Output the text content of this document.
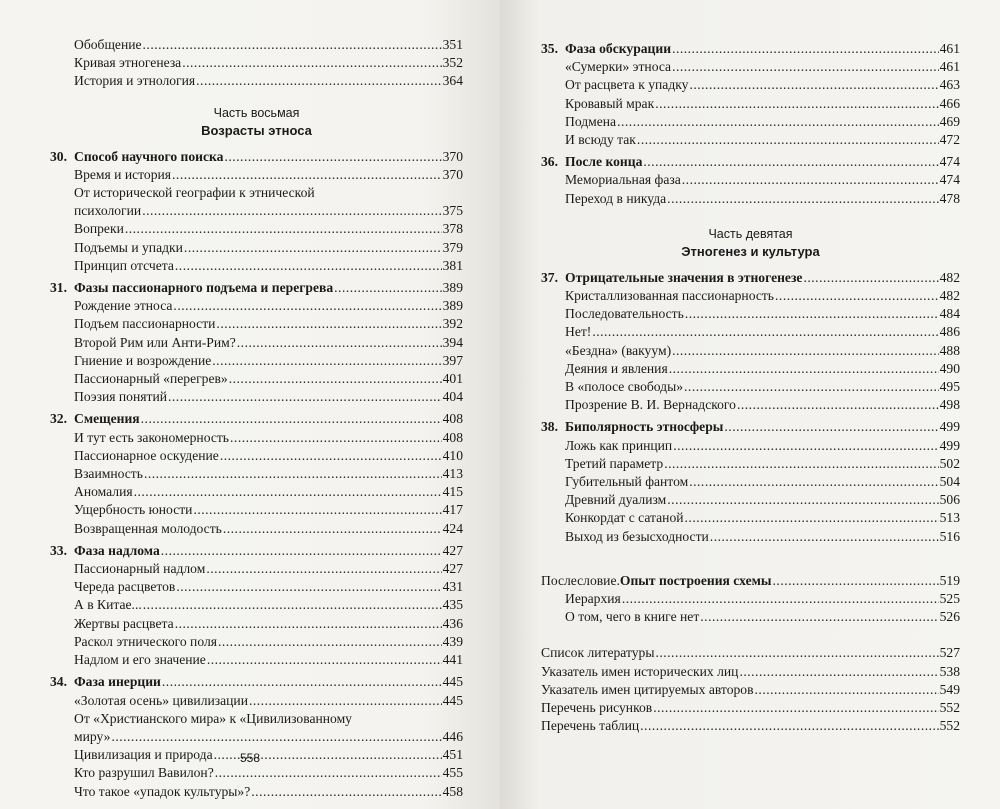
Обобщение .....	351
Кривая этногенеза .....	352
История и этнология .....	364
Часть восьмая
Возрасты этноса
30. Способ научного поиска .....	370
Время и история .....	370
От исторической географии к этнической
психологии .....	375
Вопреки .....	378
Подъемы и упадки .....	379
Принцип отсчета .....	381
31. Фазы пассионарного подъема и перегрева .....	389
Рождение этноса .....	389
Подъем пассионарности .....	392
Второй Рим или Анти-Рим? .....	394
Гниение и возрождение .....	397
Пассионарный «перегрев» .....	401
Поэзия понятий .....	404
32. Смещения .....	408
И тут есть закономерность .....	408
Пассионарное оскудение .....	410
Взаимность .....	413
Аномалия .....	415
Ущербность юности .....	417
Возвращенная молодость .....	424
33. Фаза надлома .....	427
Пассионарный надлом .....	427
Череда расцветов .....	431
А в Китае... .....	435
Жертвы расцвета .....	436
Раскол этнического поля .....	439
Надлом и его значение .....	441
34. Фаза инерции .....	445
«Золотая осень» цивилизации .....	445
От «Христианского мира» к «Цивилизованному
миру» .....	446
Цивилизация и природа .....	451
Кто разрушил Вавилон? .....	455
Что такое «упадок культуры»? .....	458
558
35. Фаза обскурации .....	461
«Сумерки» этноса .....	461
От расцвета к упадку .....	463
Кровавый мрак .....	466
Подмена .....	469
И всюду так .....	472
36. После конца .....	474
Мемориальная фаза .....	474
Переход в никуда .....	478
Часть девятая
Этногенез и культура
37. Отрицательные значения в этногенезе .....	482
Кристаллизованная пассионарность .....	482
Последовательность .....	484
Нет! .....	486
«Бездна» (вакуум) .....	488
Деяния и явления .....	490
В «полосе свободы» .....	495
Прозрение В. И. Вернадского .....	498
38. Биполярность этносферы .....	499
Ложь как принцип .....	499
Третий параметр .....	502
Губительный фантом .....	504
Древний дуализм .....	506
Конкордат с сатаной .....	513
Выход из безысходности .....	516
Послесловие. Опыт построения схемы .....	519
Иерархия .....	525
О том, чего в книге нет .....	526
Список литературы .....	527
Указатель имен исторических лиц .....	538
Указатель имен цитируемых авторов .....	549
Перечень рисунков .....	552
Перечень таблиц .....	552
